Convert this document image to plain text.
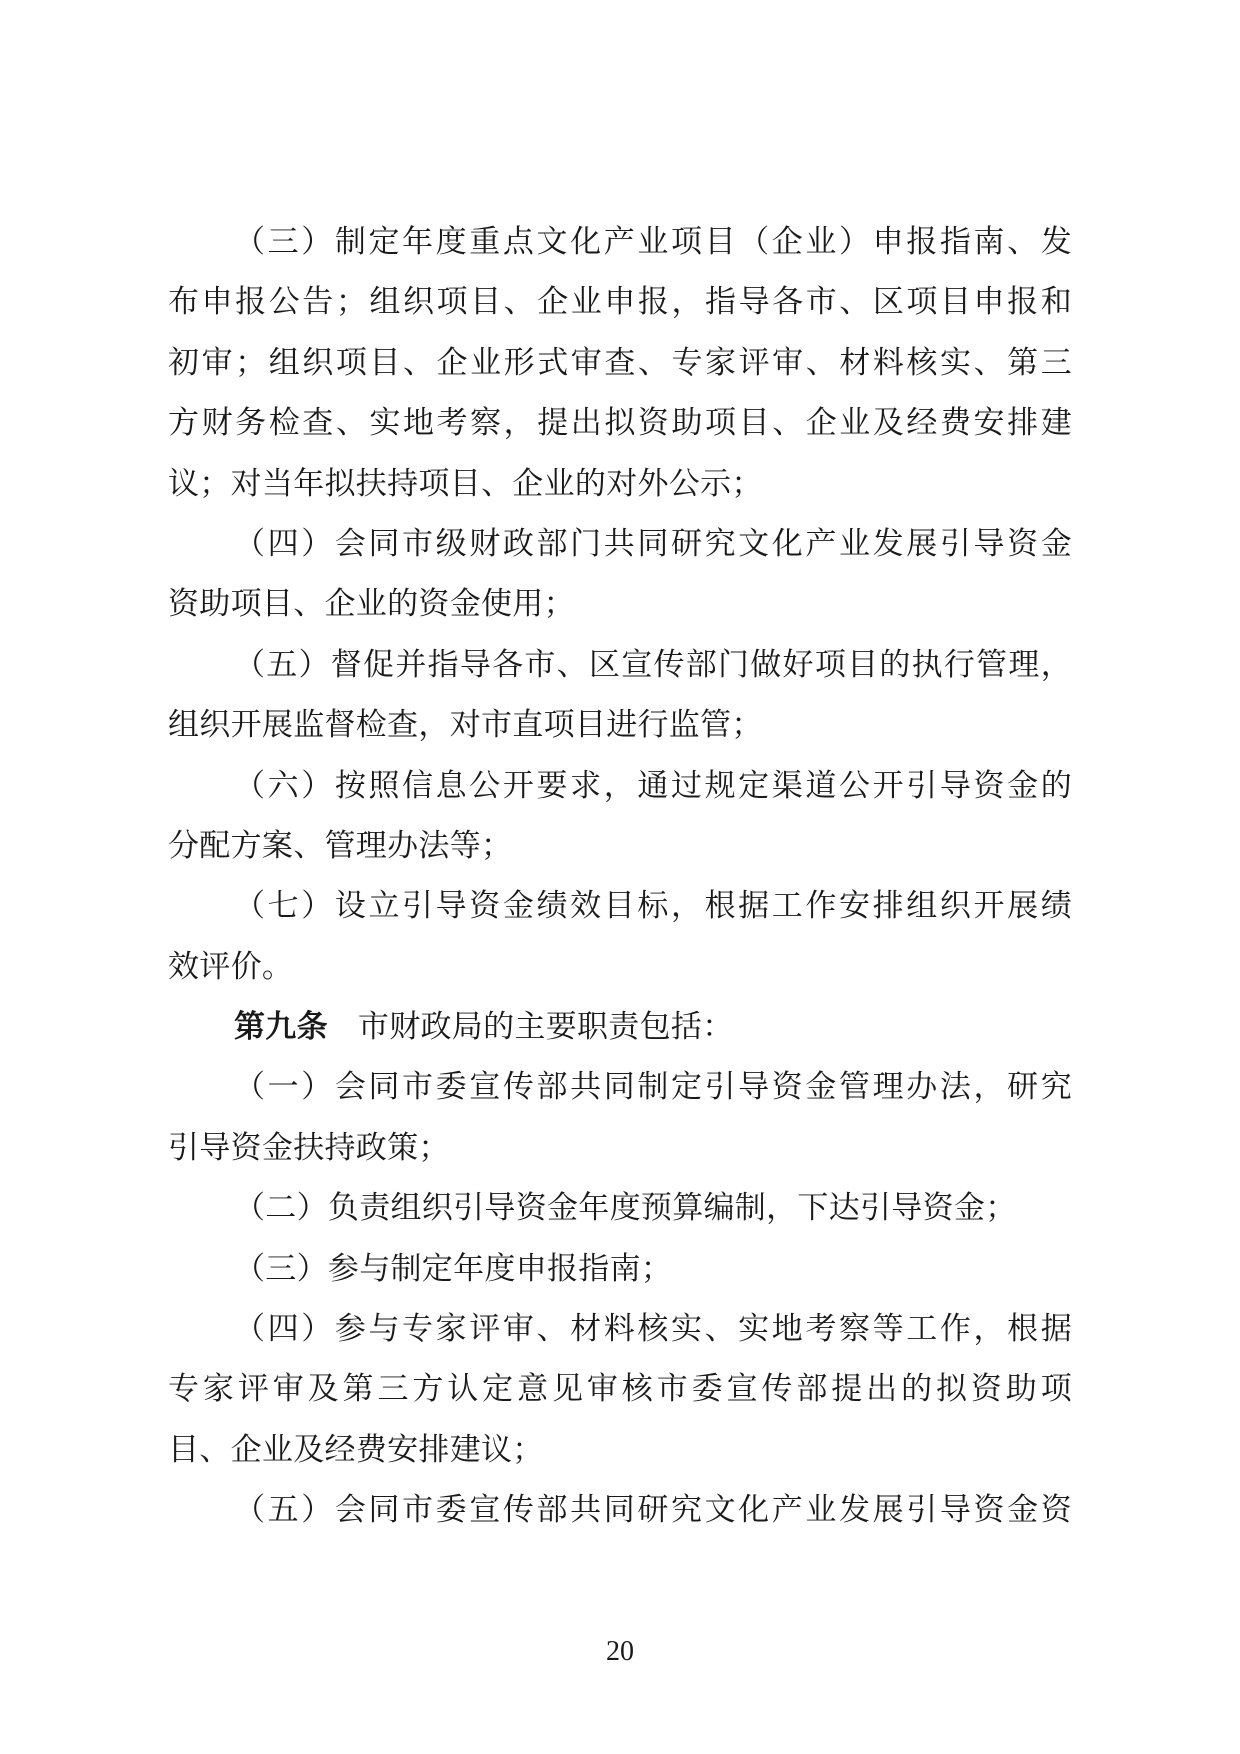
（三）制定年度重点文化产业项目（企业）申报指南、发
布申报公告；组织项目、企业申报，指导各市、区项目申报和
初审；组织项目、企业形式审查、专家评审、材料核实、第三
方财务检查、实地考察，提出拟资助项目、企业及经费安排建
议；对当年拟扶持项目、企业的对外公示；
（四）会同市级财政部门共同研究文化产业发展引导资金
资助项目、企业的资金使用；
（五）督促并指导各市、区宣传部门做好项目的执行管理，
组织开展监督检查，对市直项目进行监管；
（六）按照信息公开要求，通过规定渠道公开引导资金的
分配方案、管理办法等；
（七）设立引导资金绩效目标，根据工作安排组织开展绩
效评价。
第九条 市财政局的主要职责包括：
（一）会同市委宣传部共同制定引导资金管理办法，研究
引导资金扶持政策；
（二）负责组织引导资金年度预算编制，下达引导资金；
（三）参与制定年度申报指南；
（四）参与专家评审、材料核实、实地考察等工作，根据
专家评审及第三方认定意见审核市委宣传部提出的拟资助项
目、企业及经费安排建议；
（五）会同市委宣传部共同研究文化产业发展引导资金资
20
